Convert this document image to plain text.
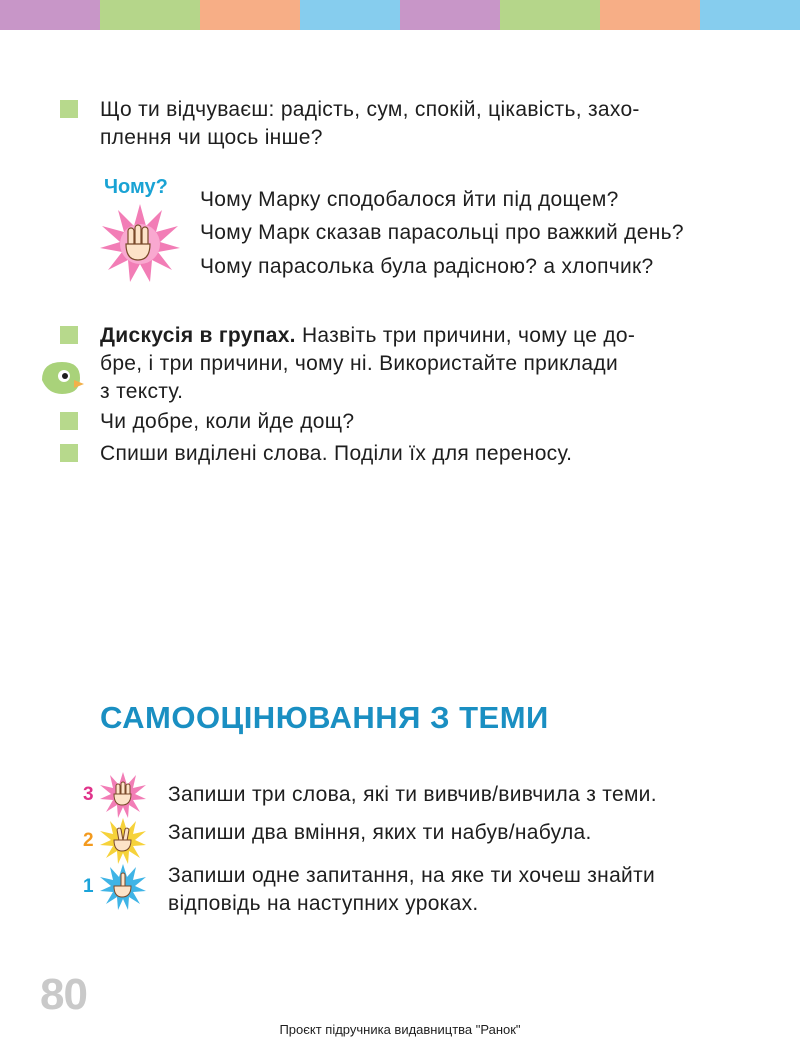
Що ти відчуваєш: радість, сум, спокій, цікавість, захо-
плення чи щось інше?
Чому?
Чому Марку сподобалося йти під дощем?
Чому Марк сказав парасольці про важкий день?
Чому парасолька була радісною? а хлопчик?
Дискусія в групах. Назвіть три причини, чому це до-
бре, і три причини, чому ні. Використайте приклади
з тексту.
Чи добре, коли йде дощ?
Спиши виділені слова. Поділи їх для переносу.
САМООЦІНЮВАННЯ З ТЕМИ
3	Запиши три слова, які ти вивчив/вивчила з теми.
2	Запиши два вміння, яких ти набув/набула.
1	Запиши одне запитання, на яке ти хочеш знайти
відповідь на наступних уроках.
80
Проєкт підручника видавництва "Ранок"
